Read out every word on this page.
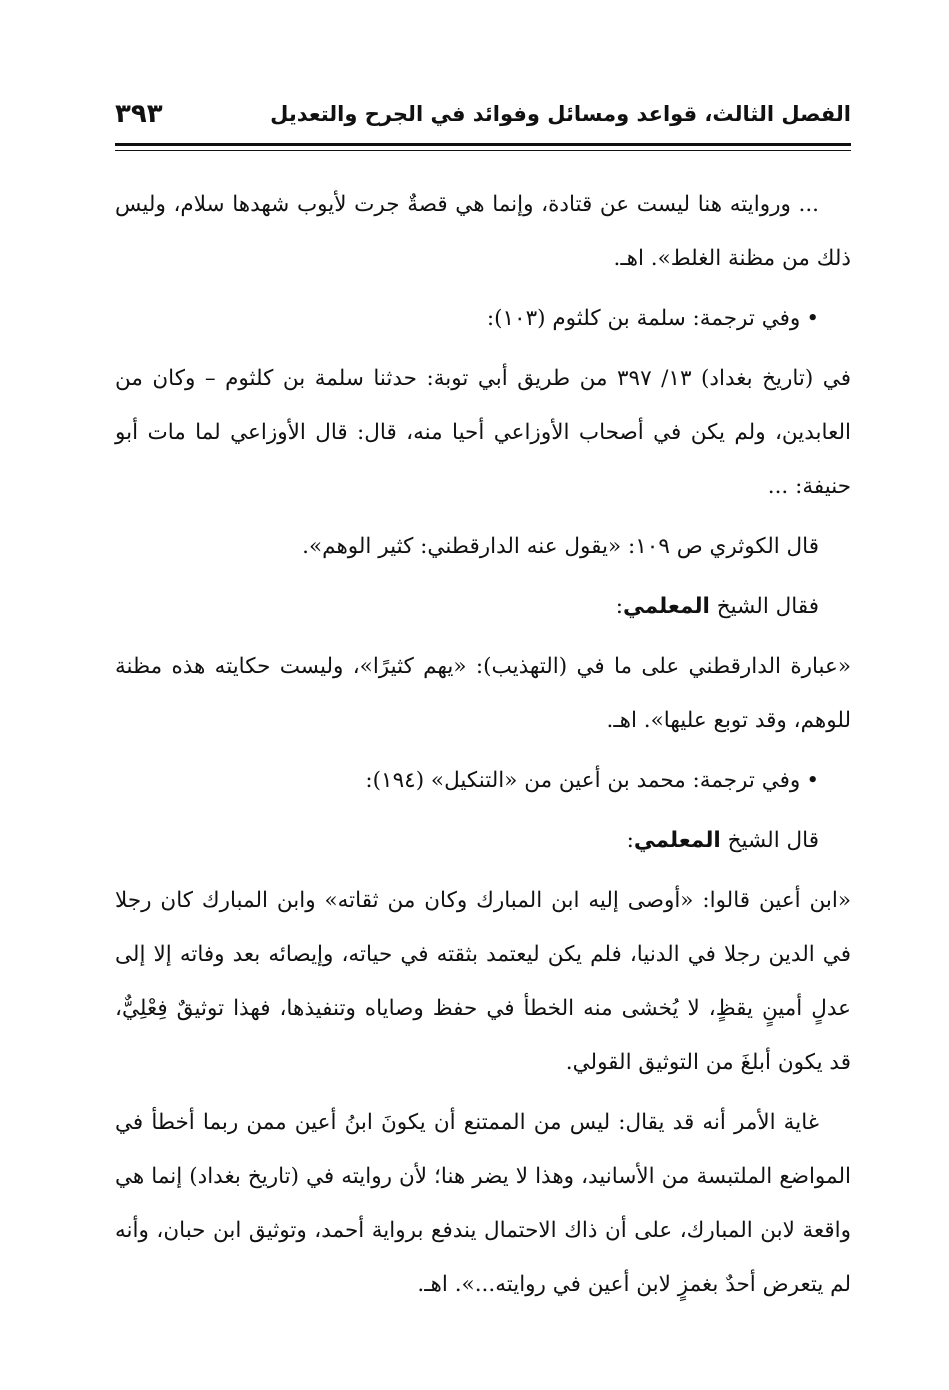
الفصل الثالث، قواعد ومسائل وفوائد في الجرح والتعديل
٣٩٣

... وروايته هنا ليست عن قتادة، وإنما هي قصةٌ جرت لأيوب شهدها سلام، وليس ذلك من مظنة الغلط». اهـ.

•وفي ترجمة: سلمة بن كلثوم (١٠٣):

في (تاريخ بغداد) ١٣/ ٣٩٧ من طريق أبي توبة: حدثنا سلمة بن كلثوم – وكان من العابدين، ولم يكن في أصحاب الأوزاعي أحيا منه، قال: قال الأوزاعي لما مات أبو حنيفة: ...

قال الكوثري ص ١٠٩: «يقول عنه الدارقطني: كثير الوهم».

فقال الشيخ المعلمي:

«عبارة الدارقطني على ما في (التهذيب): «يهم كثيرًا»، وليست حكايته هذه مظنة للوهم، وقد توبع عليها». اهـ.

•وفي ترجمة: محمد بن أعين من «التنكيل» (١٩٤):

قال الشيخ المعلمي:

«ابن أعين قالوا: «أوصى إليه ابن المبارك وكان من ثقاته» وابن المبارك كان رجلا في الدين رجلا في الدنيا، فلم يكن ليعتمد بثقته في حياته، وإيصائه بعد وفاته إلا إلى عدلٍ أمينٍ يقظٍ، لا يُخشى منه الخطأ في حفظ وصاياه وتنفيذها، فهذا توثيقٌ فِعْلِيٌّ، قد يكون أبلغَ من التوثيق القولي.

غاية الأمر أنه قد يقال: ليس من الممتنع أن يكونَ ابنُ أعين ممن ربما أخطأ في المواضع الملتبسة من الأسانيد، وهذا لا يضر هنا؛ لأن روايته في (تاريخ بغداد) إنما هي واقعة لابن المبارك، على أن ذاك الاحتمال يندفع برواية أحمد، وتوثيق ابن حبان، وأنه لم يتعرض أحدٌ بغمزٍ لابن أعين في روايته...». اهـ.
